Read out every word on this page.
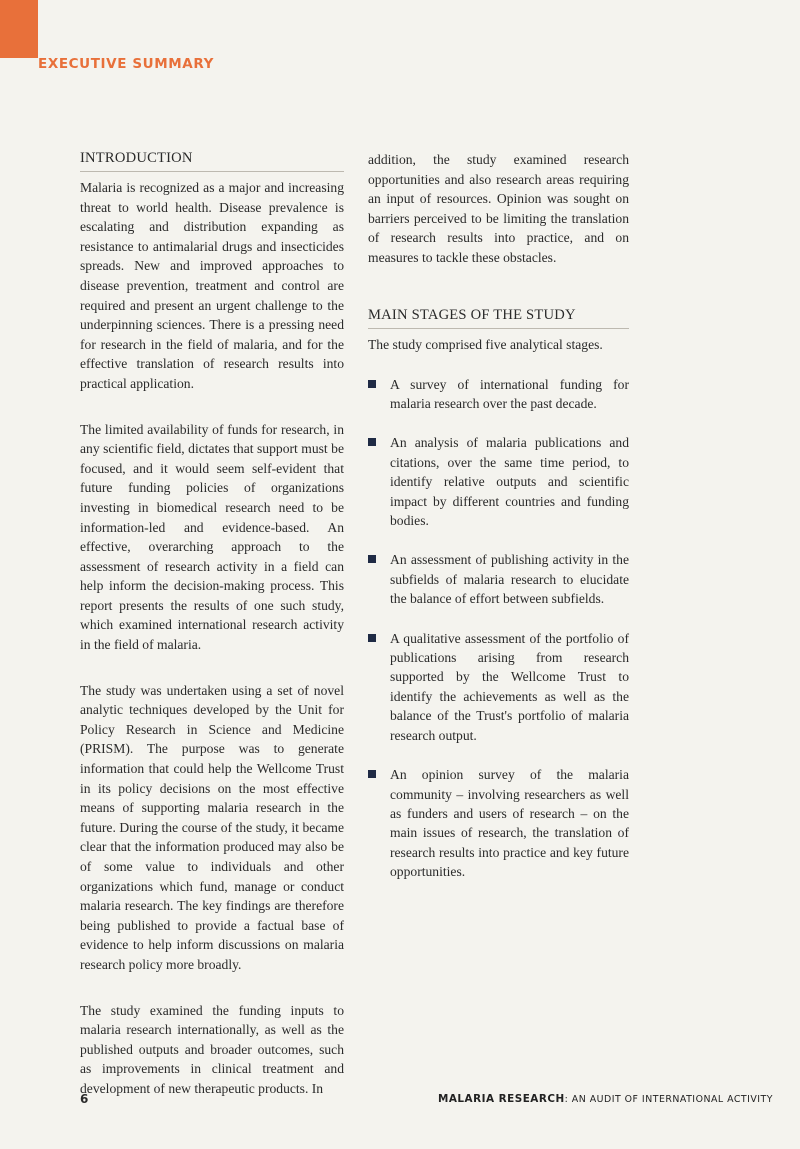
EXECUTIVE SUMMARY
INTRODUCTION

Malaria is recognized as a major and increasing threat to world health. Disease prevalence is escalating and distribution expanding as resistance to antimalarial drugs and insecticides spreads. New and improved approaches to disease prevention, treatment and control are required and present an urgent challenge to the underpinning sciences. There is a pressing need for research in the field of malaria, and for the effective translation of research results into practical application.

The limited availability of funds for research, in any scientific field, dictates that support must be focused, and it would seem self-evident that future funding policies of organizations investing in biomedical research need to be information-led and evidence-based. An effective, overarching approach to the assessment of research activity in a field can help inform the decision-making process. This report presents the results of one such study, which examined international research activity in the field of malaria.

The study was undertaken using a set of novel analytic techniques developed by the Unit for Policy Research in Science and Medicine (PRISM). The purpose was to generate information that could help the Wellcome Trust in its policy decisions on the most effective means of supporting malaria research in the future. During the course of the study, it became clear that the information produced may also be of some value to individuals and other organizations which fund, manage or conduct malaria research. The key findings are therefore being published to provide a factual base of evidence to help inform discussions on malaria research policy more broadly.

The study examined the funding inputs to malaria research internationally, as well as the published outputs and broader outcomes, such as improvements in clinical treatment and development of new therapeutic products. In

addition, the study examined research opportunities and also research areas requiring an input of resources. Opinion was sought on barriers perceived to be limiting the translation of research results into practice, and on measures to tackle these obstacles.

MAIN STAGES OF THE STUDY

The study comprised five analytical stages.

A survey of international funding for malaria research over the past decade.
An analysis of malaria publications and citations, over the same time period, to identify relative outputs and scientific impact by different countries and funding bodies.
An assessment of publishing activity in the subfields of malaria research to elucidate the balance of effort between subfields.
A qualitative assessment of the portfolio of publications arising from research supported by the Wellcome Trust to identify the achievements as well as the balance of the Trust's portfolio of malaria research output.
An opinion survey of the malaria community – involving researchers as well as funders and users of research – on the main issues of research, the translation of research results into practice and key future opportunities.
6	MALARIA RESEARCH: AN AUDIT OF INTERNATIONAL ACTIVITY
